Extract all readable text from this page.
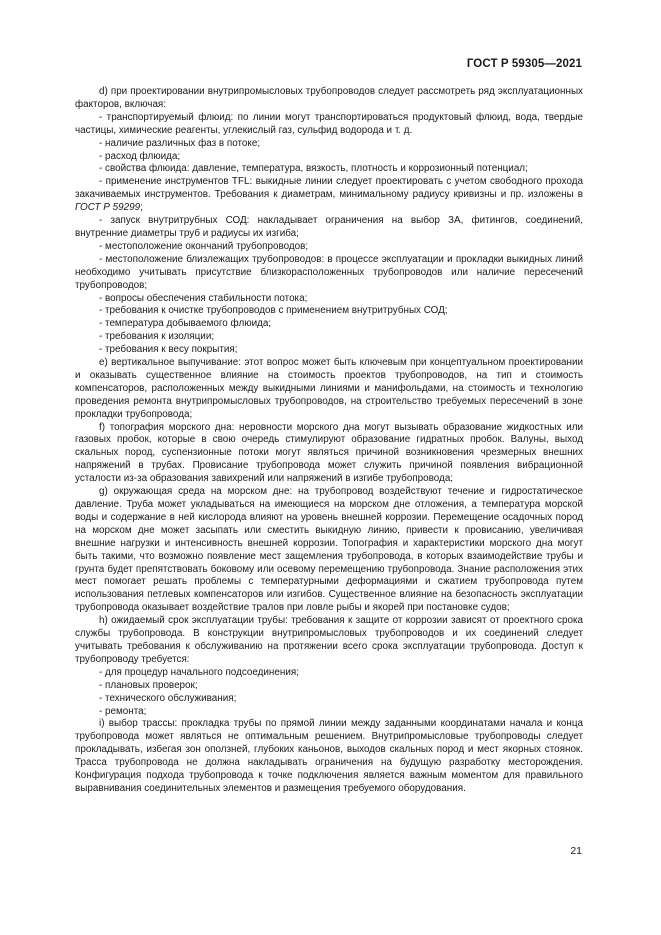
ГОСТ Р 59305—2021

d) при проектировании внутрипромысловых трубопроводов следует рассмотреть ряд эксплуатационных факторов, включая:

- транспортируемый флюид: по линии могут транспортироваться продуктовый флюид, вода, твердые частицы, химические реагенты, углекислый газ, сульфид водорода и т. д.

- наличие различных фаз в потоке;

- расход флюида;

- свойства флюида: давление, температура, вязкость, плотность и коррозионный потенциал;

- применение инструментов TFL: выкидные линии следует проектировать с учетом свободного прохода закачиваемых инструментов. Требования к диаметрам, минимальному радиусу кривизны и пр. изложены в ГОСТ Р 59299;

- запуск внутритрубных СОД: накладывает ограничения на выбор ЗА, фитингов, соединений, внутренние диаметры труб и радиусы их изгиба;

- местоположение окончаний трубопроводов;

- местоположение близлежащих трубопроводов: в процессе эксплуатации и прокладки выкидных линий необходимо учитывать присутствие близкорасположенных трубопроводов или наличие пересечений трубопроводов;

- вопросы обеспечения стабильности потока;

- требования к очистке трубопроводов с применением внутритрубных СОД;

- температура добываемого флюида;

- требования к изоляции;

- требования к весу покрытия;

e) вертикальное выпучивание: этот вопрос может быть ключевым при концептуальном проектировании и оказывать существенное влияние на стоимость проектов трубопроводов, на тип и стоимость компенсаторов, расположенных между выкидными линиями и манифольдами, на стоимость и технологию проведения ремонта внутрипромысловых трубопроводов, на строительство требуемых пересечений в зоне прокладки трубопровода;

f) топография морского дна: неровности морского дна могут вызывать образование жидкостных или газовых пробок, которые в свою очередь стимулируют образование гидратных пробок. Валуны, выход скальных пород, суспензионные потоки могут являться причиной возникновения чрезмерных внешних напряжений в трубах. Провисание трубопровода может служить причиной появления вибрационной усталости из-за образования завихрений или напряжений в изгибе трубопровода;

g) окружающая среда на морском дне: на трубопровод воздействуют течение и гидростатическое давление. Труба может укладываться на имеющиеся на морском дне отложения, а температура морской воды и содержание в ней кислорода влияют на уровень внешней коррозии. Перемещение осадочных пород на морском дне может засыпать или сместить выкидную линию, привести к провисанию, увеличивая внешние нагрузки и интенсивность внешней коррозии. Топография и характеристики морского дна могут быть такими, что возможно появление мест защемления трубопровода, в которых взаимодействие трубы и грунта будет препятствовать боковому или осевому перемещению трубопровода. Знание расположения этих мест помогает решать проблемы с температурными деформациями и сжатием трубопровода путем использования петлевых компенсаторов или изгибов. Существенное влияние на безопасность эксплуатации трубопровода оказывает воздействие тралов при ловле рыбы и якорей при постановке судов;

h) ожидаемый срок эксплуатации трубы: требования к защите от коррозии зависят от проектного срока службы трубопровода. В конструкции внутрипромысловых трубопроводов и их соединений следует учитывать требования к обслуживанию на протяжении всего срока эксплуатации трубопровода. Доступ к трубопроводу требуется:

- для процедур начального подсоединения;

- плановых проверок;

- технического обслуживания;

- ремонта;

i) выбор трассы: прокладка трубы по прямой линии между заданными координатами начала и конца трубопровода может являться не оптимальным решением. Внутрипромысловые трубопроводы следует прокладывать, избегая зон оползней, глубоких каньонов, выходов скальных пород и мест якорных стоянок. Трасса трубопровода не должна накладывать ограничения на будущую разработку месторождения. Конфигурация подхода трубопровода к точке подключения является важным моментом для правильного выравнивания соединительных элементов и размещения требуемого оборудования.

21
